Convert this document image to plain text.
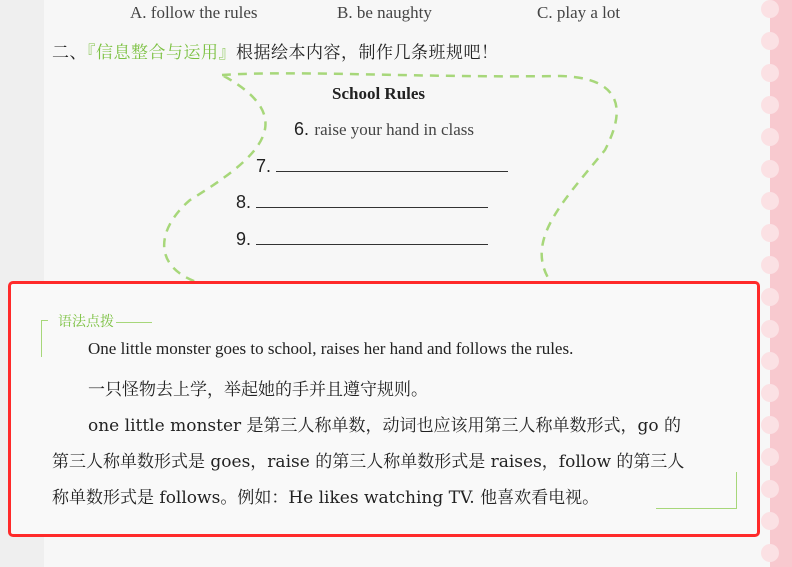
A. follow the rules	B. be naughty	C. play a lot
二、『信息整合与运用』根据绘本内容，制作几条班规吧！
School Rules
6. raise your hand in class
7.
8.
9.
语法点拨
One little monster goes to school, raises her hand and follows the rules.
一只怪物去上学，举起她的手并且遵守规则。
one little monster 是第三人称单数，动词也应该用第三人称单数形式，go 的
第三人称单数形式是 goes，raise 的第三人称单数形式是 raises，follow 的第三人
称单数形式是 follows。例如：He likes watching TV. 他喜欢看电视。
